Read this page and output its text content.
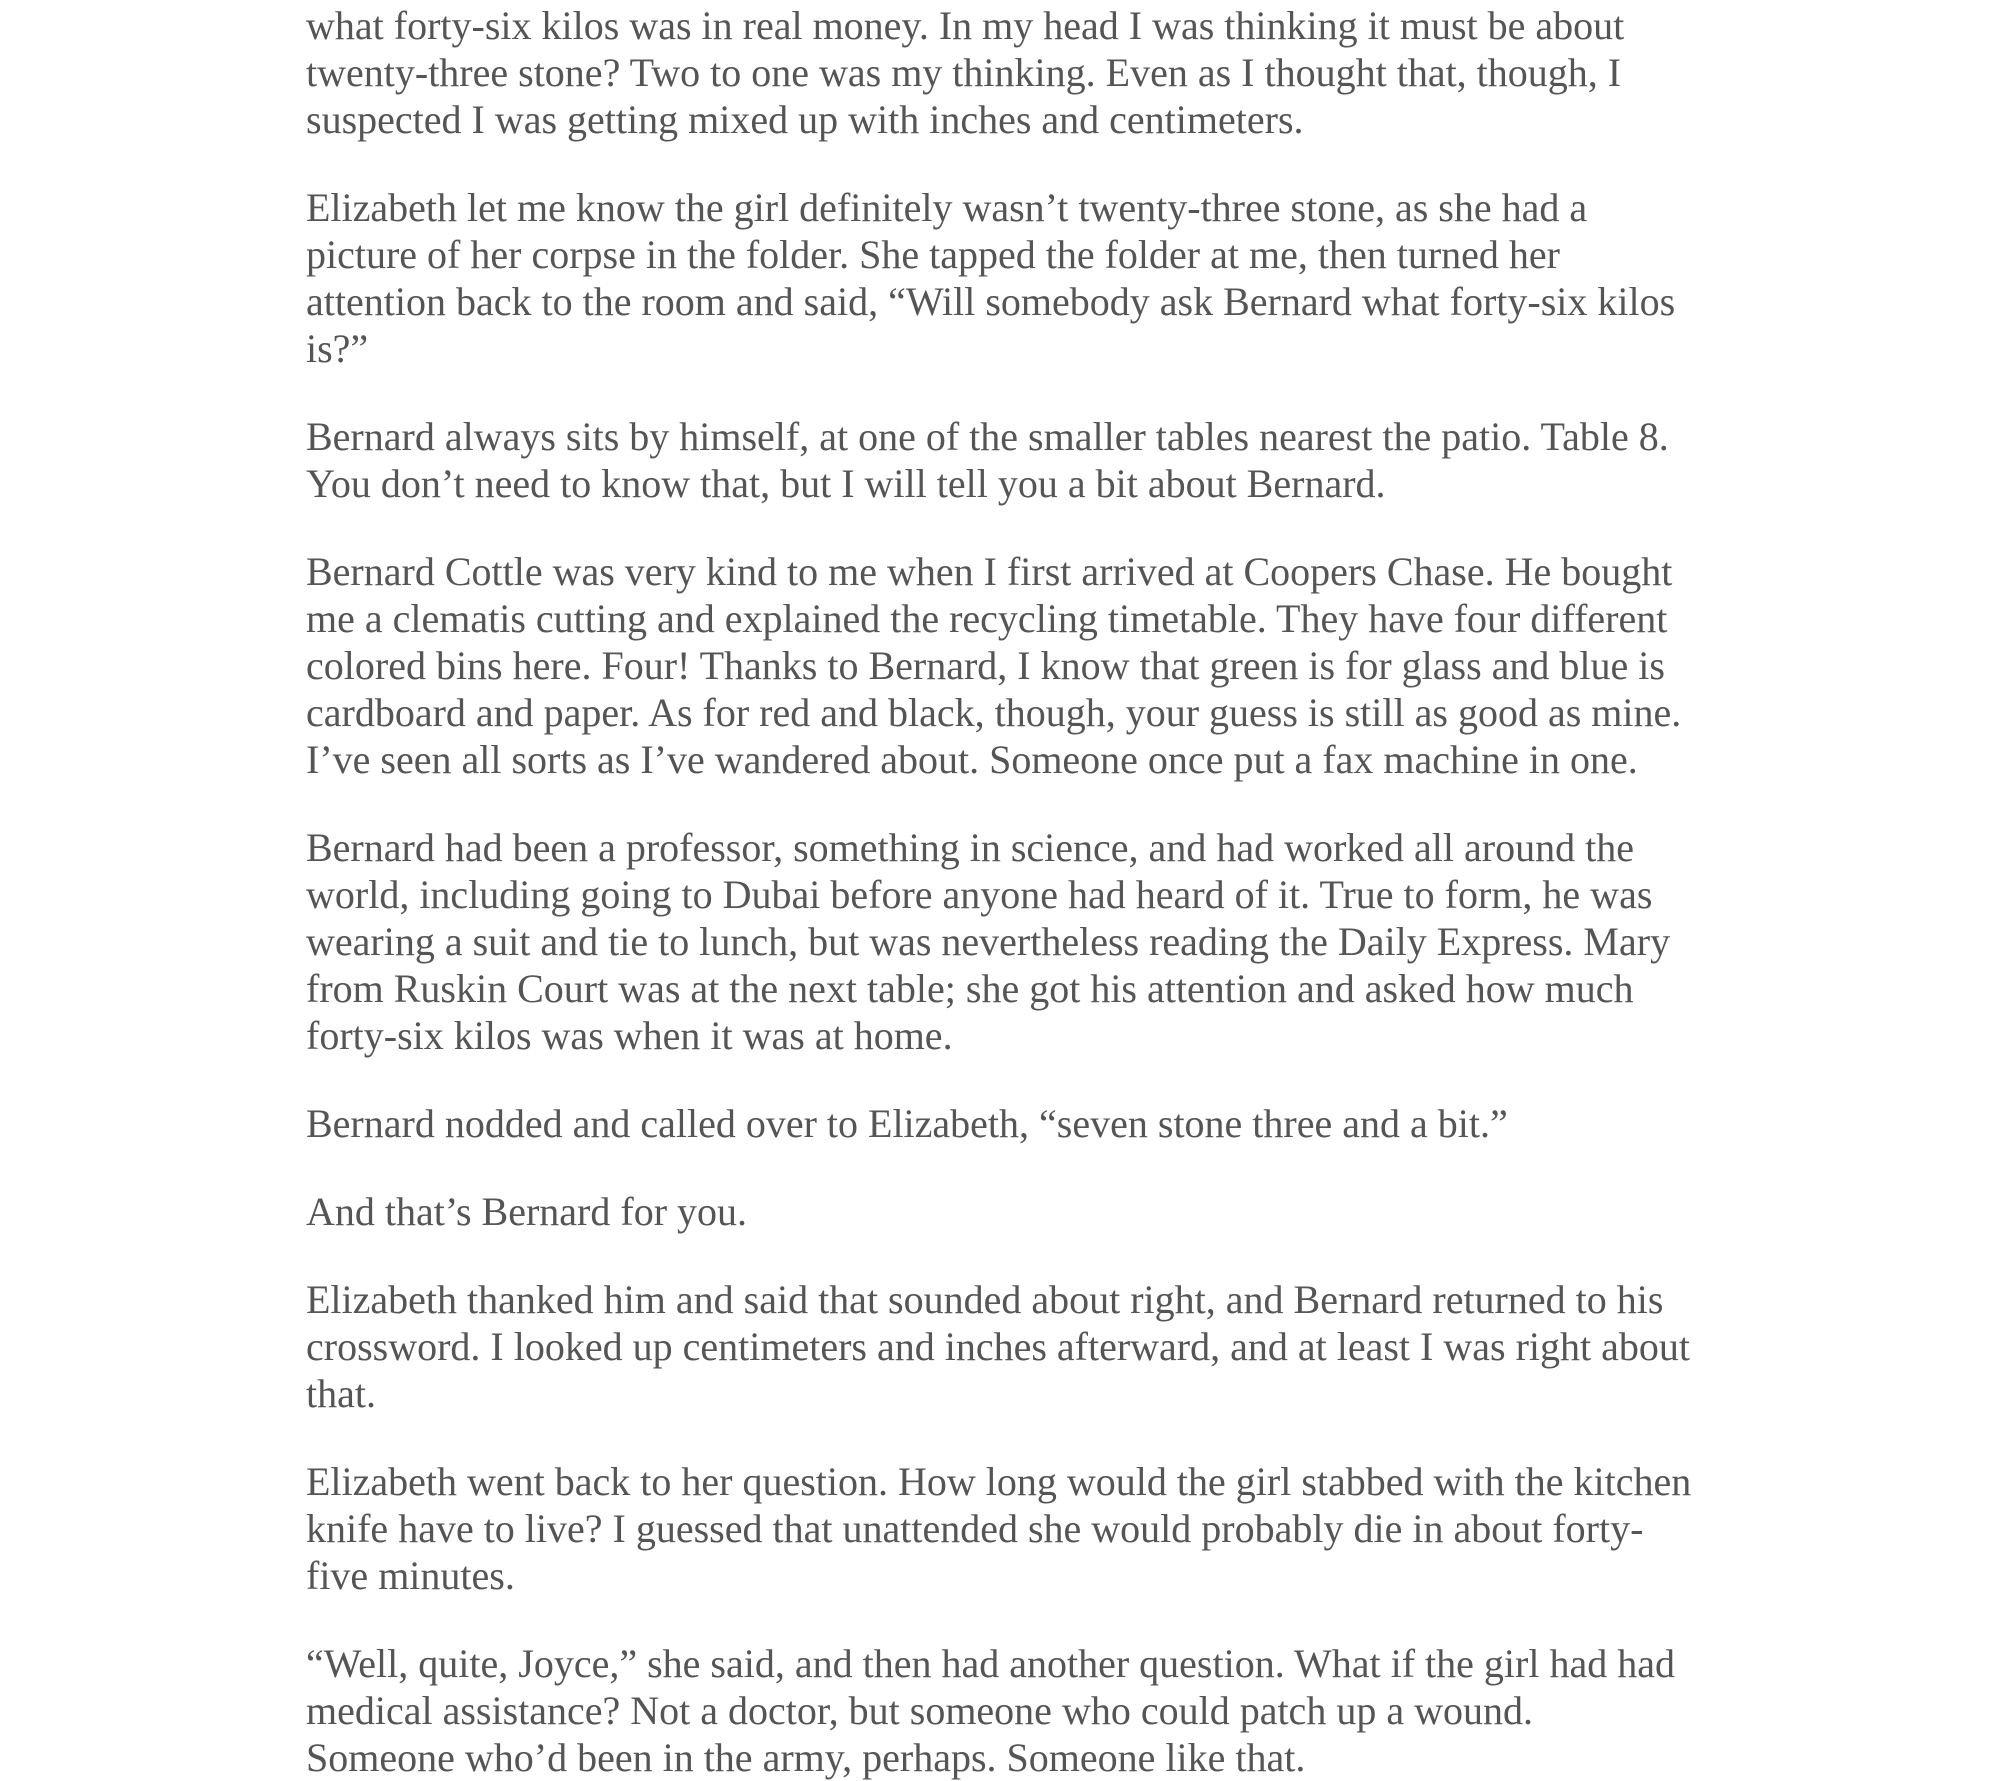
what forty-six kilos was in real money. In my head I was thinking it must be about
twenty-three stone? Two to one was my thinking. Even as I thought that, though, I
suspected I was getting mixed up with inches and centimeters.

Elizabeth let me know the girl definitely wasn’t twenty-three stone, as she had a
picture of her corpse in the folder. She tapped the folder at me, then turned her
attention back to the room and said, “Will somebody ask Bernard what forty-six kilos
is?”

Bernard always sits by himself, at one of the smaller tables nearest the patio. Table 8.
You don’t need to know that, but I will tell you a bit about Bernard.

Bernard Cottle was very kind to me when I first arrived at Coopers Chase. He bought
me a clematis cutting and explained the recycling timetable. They have four different
colored bins here. Four! Thanks to Bernard, I know that green is for glass and blue is
cardboard and paper. As for red and black, though, your guess is still as good as mine.
I’ve seen all sorts as I’ve wandered about. Someone once put a fax machine in one.

Bernard had been a professor, something in science, and had worked all around the
world, including going to Dubai before anyone had heard of it. True to form, he was
wearing a suit and tie to lunch, but was nevertheless reading the Daily Express. Mary
from Ruskin Court was at the next table; she got his attention and asked how much
forty-six kilos was when it was at home.

Bernard nodded and called over to Elizabeth, “seven stone three and a bit.”

And that’s Bernard for you.

Elizabeth thanked him and said that sounded about right, and Bernard returned to his
crossword. I looked up centimeters and inches afterward, and at least I was right about
that.

Elizabeth went back to her question. How long would the girl stabbed with the kitchen
knife have to live? I guessed that unattended she would probably die in about forty-
five minutes.

“Well, quite, Joyce,” she said, and then had another question. What if the girl had had
medical assistance? Not a doctor, but someone who could patch up a wound.
Someone who’d been in the army, perhaps. Someone like that.
